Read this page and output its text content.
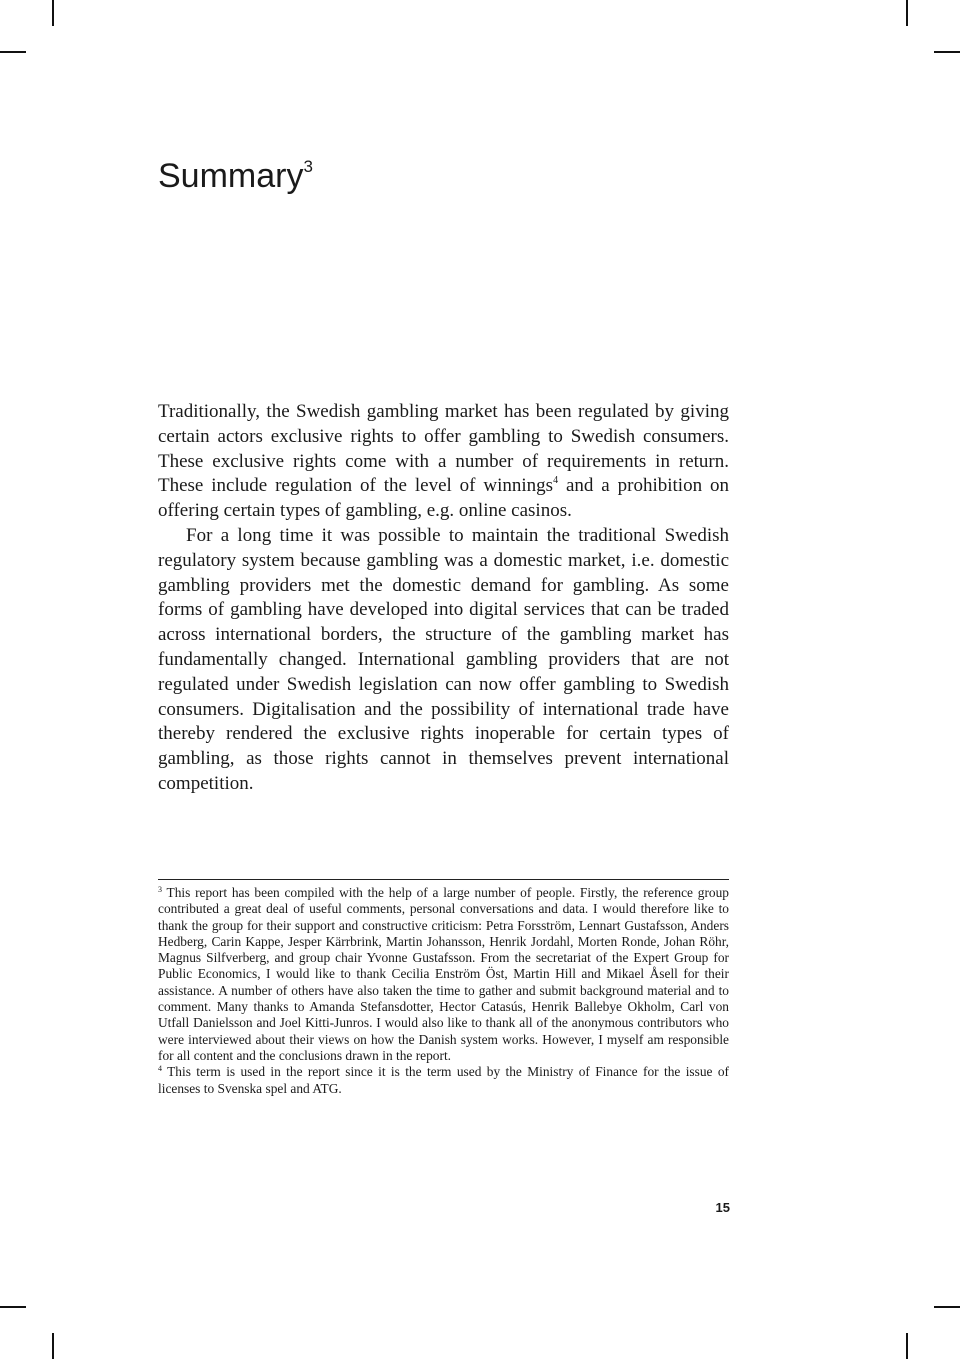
Summary$^3$

Traditionally, the Swedish gambling market has been regulated by giving certain actors exclusive rights to offer gambling to Swedish consumers. These exclusive rights come with a number of requirements in return. These include regulation of the level of winnings$^4$ and a prohibition on offering certain types of gambling, e.g. online casinos.

For a long time it was possible to maintain the traditional Swedish regulatory system because gambling was a domestic market, i.e. domestic gambling providers met the domestic demand for gambling. As some forms of gambling have developed into digital services that can be traded across international borders, the structure of the gambling market has fundamentally changed. International gambling providers that are not regulated under Swedish legislation can now offer gambling to Swedish consumers. Digitalisation and the possibility of international trade have thereby rendered the exclusive rights inoperable for certain types of gambling, as those rights cannot in themselves prevent international competition.

$^3$ This report has been compiled with the help of a large number of people. Firstly, the reference group contributed a great deal of useful comments, personal conversations and data. I would therefore like to thank the group for their support and constructive criticism: Petra Forsström, Lennart Gustafsson, Anders Hedberg, Carin Kappe, Jesper Kärrbrink, Martin Johansson, Henrik Jordahl, Morten Ronde, Johan Röhr, Magnus Silfverberg, and group chair Yvonne Gustafsson. From the secretariat of the Expert Group for Public Economics, I would like to thank Cecilia Enström Öst, Martin Hill and Mikael Åsell for their assistance. A number of others have also taken the time to gather and submit background material and to comment. Many thanks to Amanda Stefansdotter, Hector Catasús, Henrik Ballebye Okholm, Carl von Utfall Danielsson and Joel Kitti-Junros. I would also like to thank all of the anonymous contributors who were interviewed about their views on how the Danish system works. However, I myself am responsible for all content and the conclusions drawn in the report.

$^4$ This term is used in the report since it is the term used by the Ministry of Finance for the issue of licenses to Svenska spel and ATG.

15
